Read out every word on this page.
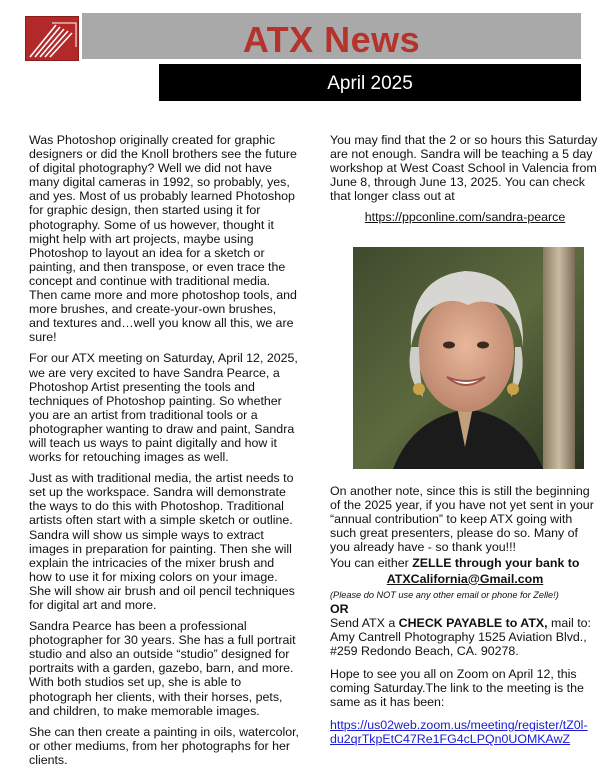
ATX News
April 2025

Was Photoshop originally created for graphic designers or did the Knoll brothers see the future of digital photography? Well we did not have many digital cameras in 1992, so probably, yes, and yes. Most of us probably learned Photoshop for graphic design, then started using it for photography. Some of us however, thought it might help with art projects, maybe using Photoshop to layout an idea for a sketch or painting, and then transpose, or even trace the concept and continue with traditional media. Then came more and more photoshop tools, and more brushes, and create-your-own brushes, and textures and…well you know all this, we are sure!

For our ATX meeting on Saturday, April 12, 2025, we are very excited to have Sandra Pearce, a Photoshop Artist presenting the tools and techniques of Photoshop painting. So whether you are an artist from traditional tools or a photographer wanting to draw and paint, Sandra will teach us ways to paint digitally and how it works for retouching images as well.

Just as with traditional media, the artist needs to set up the workspace. Sandra will demonstrate the ways to do this with Photoshop. Traditional artists often start with a simple sketch or outline. Sandra will show us simple ways to extract images in preparation for painting. Then she will explain the intricacies of the mixer brush and how to use it for mixing colors on your image. She will show air brush and oil pencil techniques for digital art and more.

Sandra Pearce has been a professional photographer for 30 years. She has a full portrait studio and also an outside “studio” designed for portraits with a garden, gazebo, barn, and more. With both studios set up, she is able to photograph her clients, with their horses, pets, and children, to make memorable images.

She can then create a painting in oils, watercolor, or other mediums, from her photographs for her clients.

You may find that the 2 or so hours this Saturday are not enough. Sandra will be teaching a 5 day workshop at West Coast School in Valencia from June 8, through June 13, 2025. You can check that longer class out at

https://ppconline.com/sandra-pearce

On another note, since this is still the beginning of the 2025 year, if you have not yet sent in your “annual contribution” to keep ATX going with such great presenters, please do so. Many of you already have - so thank you!!!

You can either ZELLE through your bank to
ATXCalifornia@Gmail.com
(Please do NOT use any other email or phone for Zelle!)
OR
Send ATX a CHECK PAYABLE to ATX, mail to:
Amy Cantrell Photography 1525 Aviation Blvd., #259 Redondo Beach, CA. 90278.

Hope to see you all on Zoom on April 12, this coming Saturday.The link to the meeting is the same as it has been:

https://us02web.zoom.us/meeting/register/tZ0l-du2qrTkpEtC47Re1FG4cLPQn0UOMKAwZ
